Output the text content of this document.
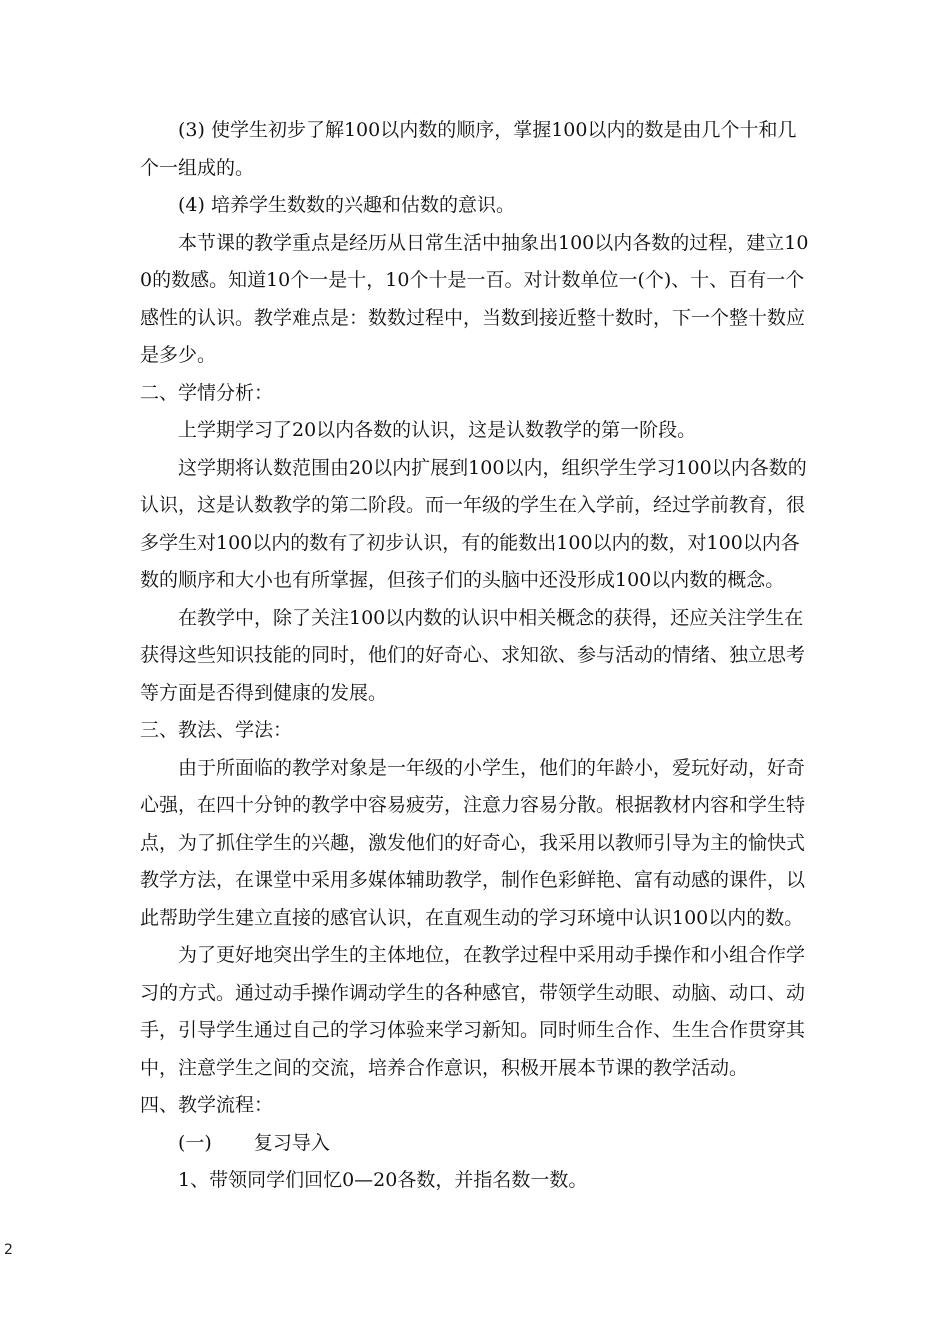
(3) 使学生初步了解100以内数的顺序，掌握100以内的数是由几个十和几
个一组成的。
(4) 培养学生数数的兴趣和估数的意识。
本节课的教学重点是经历从日常生活中抽象出100以内各数的过程，建立10
0的数感。知道10个一是十，10个十是一百。对计数单位一(个)、十、百有一个
感性的认识。教学难点是：数数过程中，当数到接近整十数时，下一个整十数应
是多少。
二、学情分析：
上学期学习了20以内各数的认识，这是认数教学的第一阶段。
这学期将认数范围由20以内扩展到100以内，组织学生学习100以内各数的
认识，这是认数教学的第二阶段。而一年级的学生在入学前，经过学前教育，很
多学生对100以内的数有了初步认识，有的能数出100以内的数，对100以内各
数的顺序和大小也有所掌握，但孩子们的头脑中还没形成100以内数的概念。
在教学中，除了关注100以内数的认识中相关概念的获得，还应关注学生在
获得这些知识技能的同时，他们的好奇心、求知欲、参与活动的情绪、独立思考
等方面是否得到健康的发展。
三、教法、学法：
由于所面临的教学对象是一年级的小学生，他们的年龄小，爱玩好动，好奇
心强，在四十分钟的教学中容易疲劳，注意力容易分散。根据教材内容和学生特
点，为了抓住学生的兴趣，激发他们的好奇心，我采用以教师引导为主的愉快式
教学方法，在课堂中采用多媒体辅助教学，制作色彩鲜艳、富有动感的课件，以
此帮助学生建立直接的感官认识，在直观生动的学习环境中认识100以内的数。
为了更好地突出学生的主体地位，在教学过程中采用动手操作和小组合作学
习的方式。通过动手操作调动学生的各种感官，带领学生动眼、动脑、动口、动
手，引导学生通过自己的学习体验来学习新知。同时师生合作、生生合作贯穿其
中，注意学生之间的交流，培养合作意识，积极开展本节课的教学活动。
四、教学流程：
(一) 复习导入
1、带领同学们回忆0—20各数，并指名数一数。
2
